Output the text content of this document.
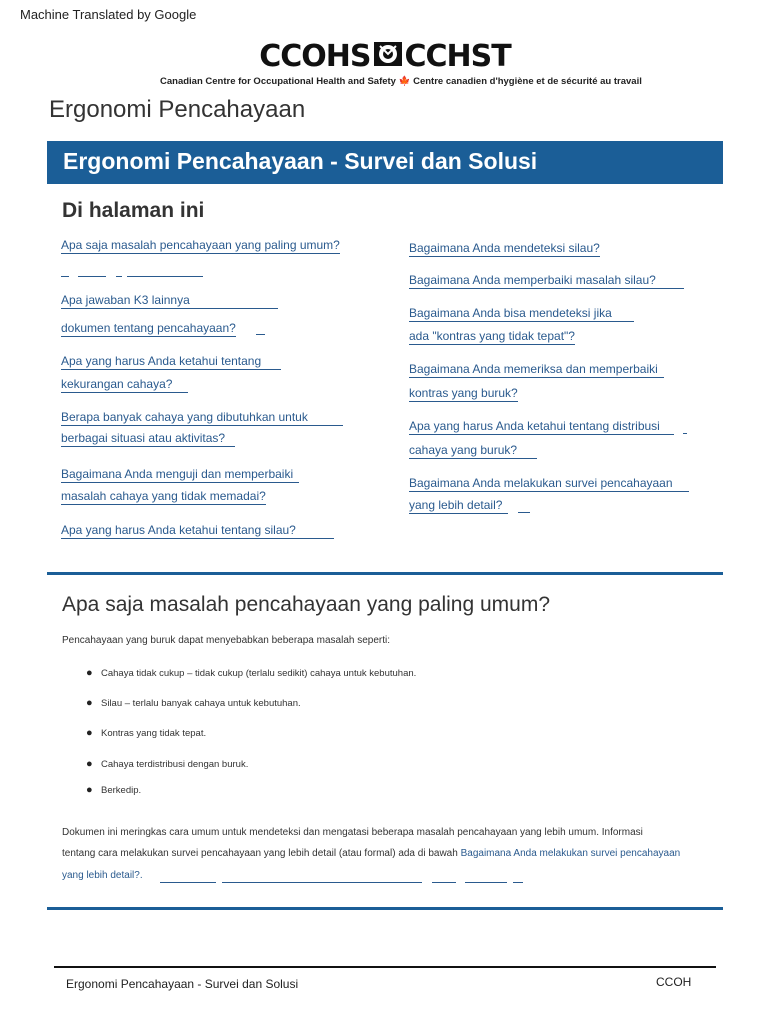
Machine Translated by Google
CCOHS CCHST
Canadian Centre for Occupational Health and Safety 🍁 Centre canadien d'hygiène et de sécurité au travail
Ergonomi Pencahayaan
Ergonomi Pencahayaan - Survei dan Solusi
Di halaman ini
Apa saja masalah pencahayaan yang paling umum?
Apa jawaban K3 lainnya
dokumen tentang pencahayaan?
Apa yang harus Anda ketahui tentang
kekurangan cahaya?
Berapa banyak cahaya yang dibutuhkan untuk
berbagai situasi atau aktivitas?
Bagaimana Anda menguji dan memperbaiki
masalah cahaya yang tidak memadai?
Apa yang harus Anda ketahui tentang silau?
Bagaimana Anda mendeteksi silau?
Bagaimana Anda memperbaiki masalah silau?
Bagaimana Anda bisa mendeteksi jika
ada "kontras yang tidak tepat"?
Bagaimana Anda memeriksa dan memperbaiki
kontras yang buruk?
Apa yang harus Anda ketahui tentang distribusi
cahaya yang buruk?
Bagaimana Anda melakukan survei pencahayaan
yang lebih detail?
Apa saja masalah pencahayaan yang paling umum?
Pencahayaan yang buruk dapat menyebabkan beberapa masalah seperti:
● Cahaya tidak cukup – tidak cukup (terlalu sedikit) cahaya untuk kebutuhan.
● Silau – terlalu banyak cahaya untuk kebutuhan.
● Kontras yang tidak tepat.
● Cahaya terdistribusi dengan buruk.
● Berkedip.
Dokumen ini meringkas cara umum untuk mendeteksi dan mengatasi beberapa masalah pencahayaan yang lebih umum. Informasi
tentang cara melakukan survei pencahayaan yang lebih detail (atau formal) ada di bawah Bagaimana Anda melakukan survei pencahayaan
yang lebih detail?.
Ergonomi Pencahayaan - Survei dan Solusi	CCOH
